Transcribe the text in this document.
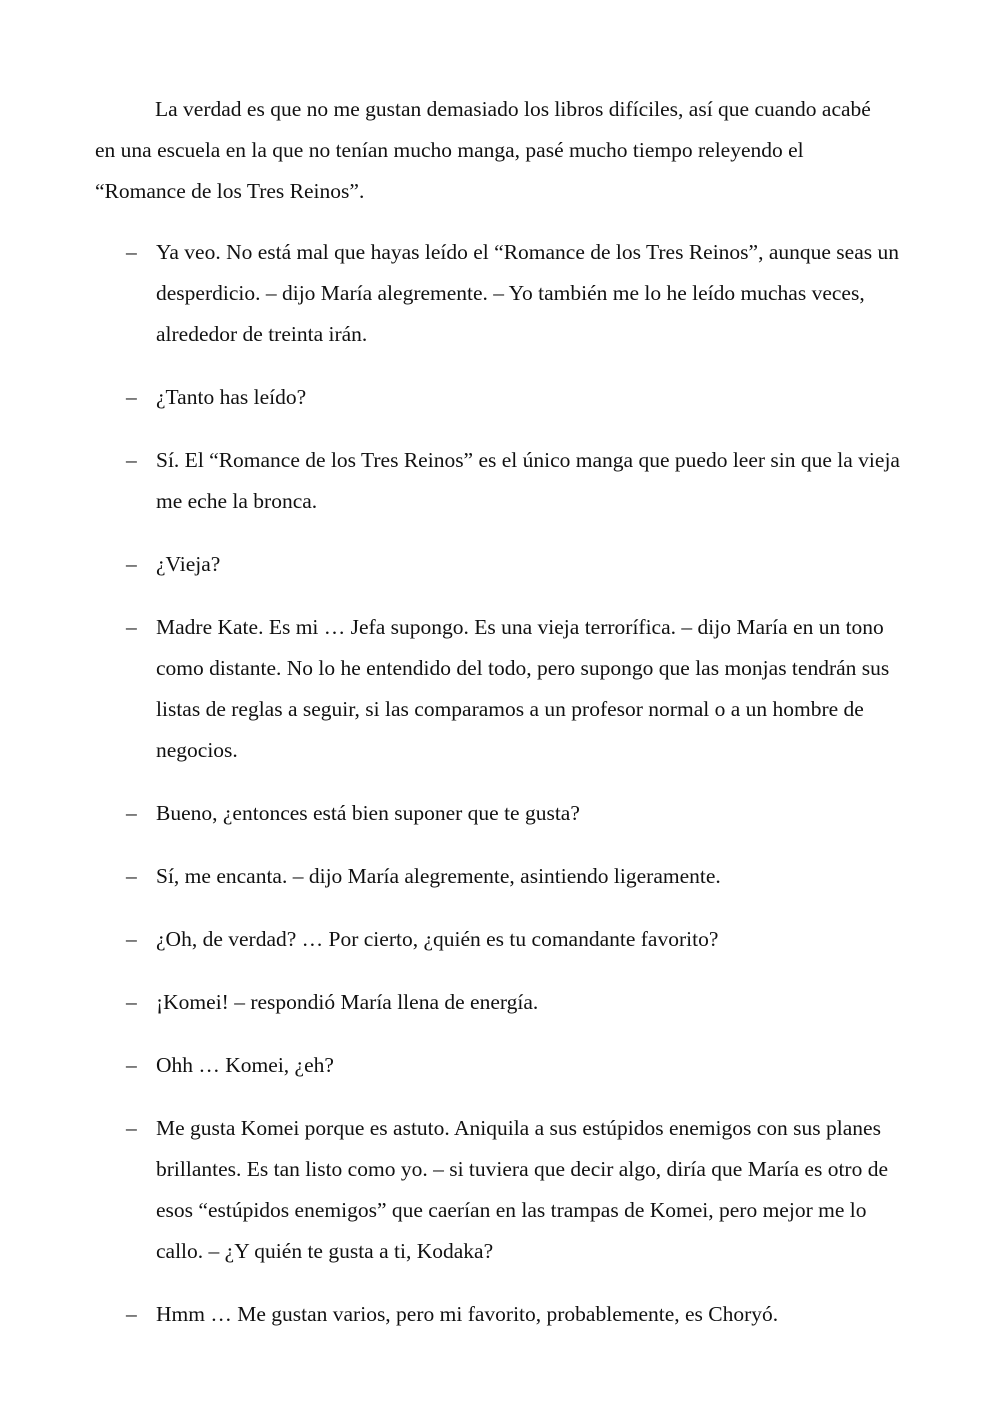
La verdad es que no me gustan demasiado los libros difíciles, así que cuando acabé en una escuela en la que no tenían mucho manga, pasé mucho tiempo releyendo el “Romance de los Tres Reinos”.

– Ya veo. No está mal que hayas leído el “Romance de los Tres Reinos”, aunque seas un desperdicio. – dijo María alegremente. – Yo también me lo he leído muchas veces, alrededor de treinta irán.
– ¿Tanto has leído?
– Sí. El “Romance de los Tres Reinos” es el único manga que puedo leer sin que la vieja me eche la bronca.
– ¿Vieja?
– Madre Kate. Es mi … Jefa supongo. Es una vieja terrorífica. – dijo María en un tono como distante. No lo he entendido del todo, pero supongo que las monjas tendrán sus listas de reglas a seguir, si las comparamos a un profesor normal o a un hombre de negocios.
– Bueno, ¿entonces está bien suponer que te gusta?
– Sí, me encanta. – dijo María alegremente, asintiendo ligeramente.
– ¿Oh, de verdad? … Por cierto, ¿quién es tu comandante favorito?
– ¡Komei! – respondió María llena de energía.
– Ohh … Komei, ¿eh?
– Me gusta Komei porque es astuto. Aniquila a sus estúpidos enemigos con sus planes brillantes. Es tan listo como yo. – si tuviera que decir algo, diría que María es otro de esos “estúpidos enemigos” que caerían en las trampas de Komei, pero mejor me lo callo. – ¿Y quién te gusta a ti, Kodaka?
– Hmm … Me gustan varios, pero mi favorito, probablemente, es Choryó.
